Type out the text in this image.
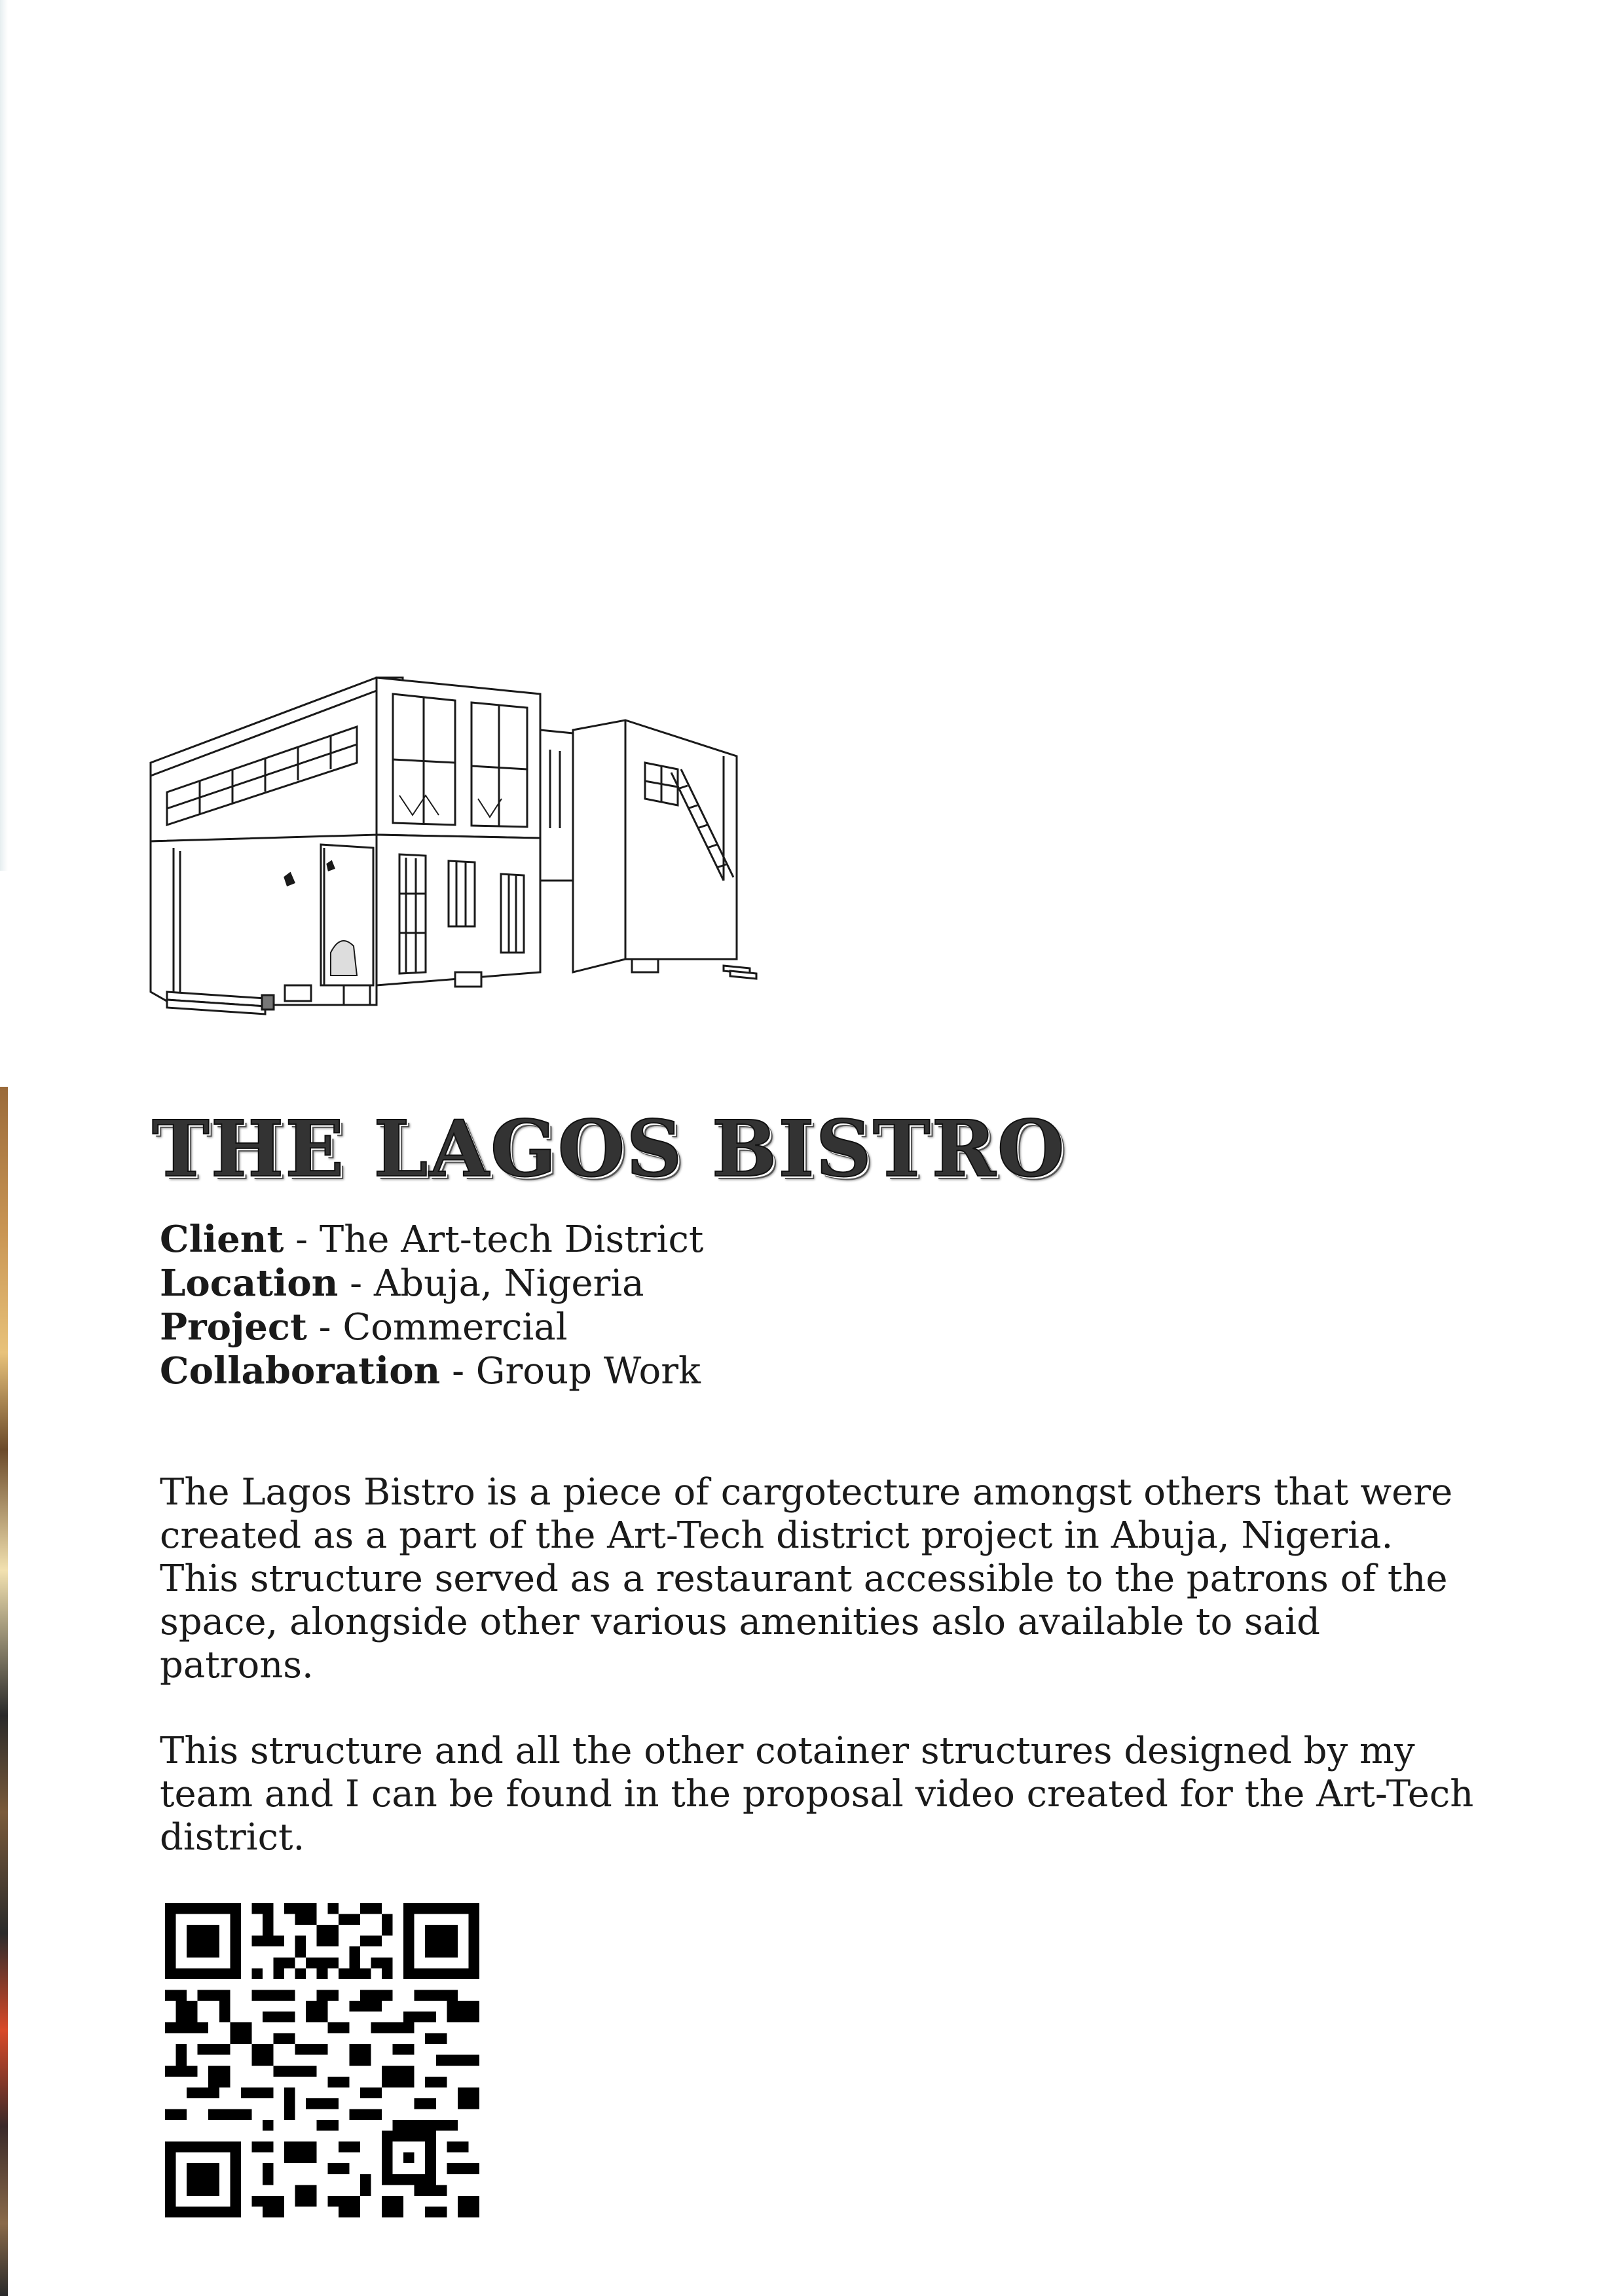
THE LAGOS BISTRO
Client - The Art-tech District
Location - Abuja, Nigeria
Project - Commercial
Collaboration - Group Work

The Lagos Bistro is a piece of cargotecture amongst others that were created as a part of the Art-Tech district project in Abuja, Nigeria. This structure served as a restaurant accessible to the patrons of the space, alongside other various amenities aslo available to said patrons.

This structure and all the other cotainer structures designed by my team and I can be found in the proposal video created for the Art-Tech district.
